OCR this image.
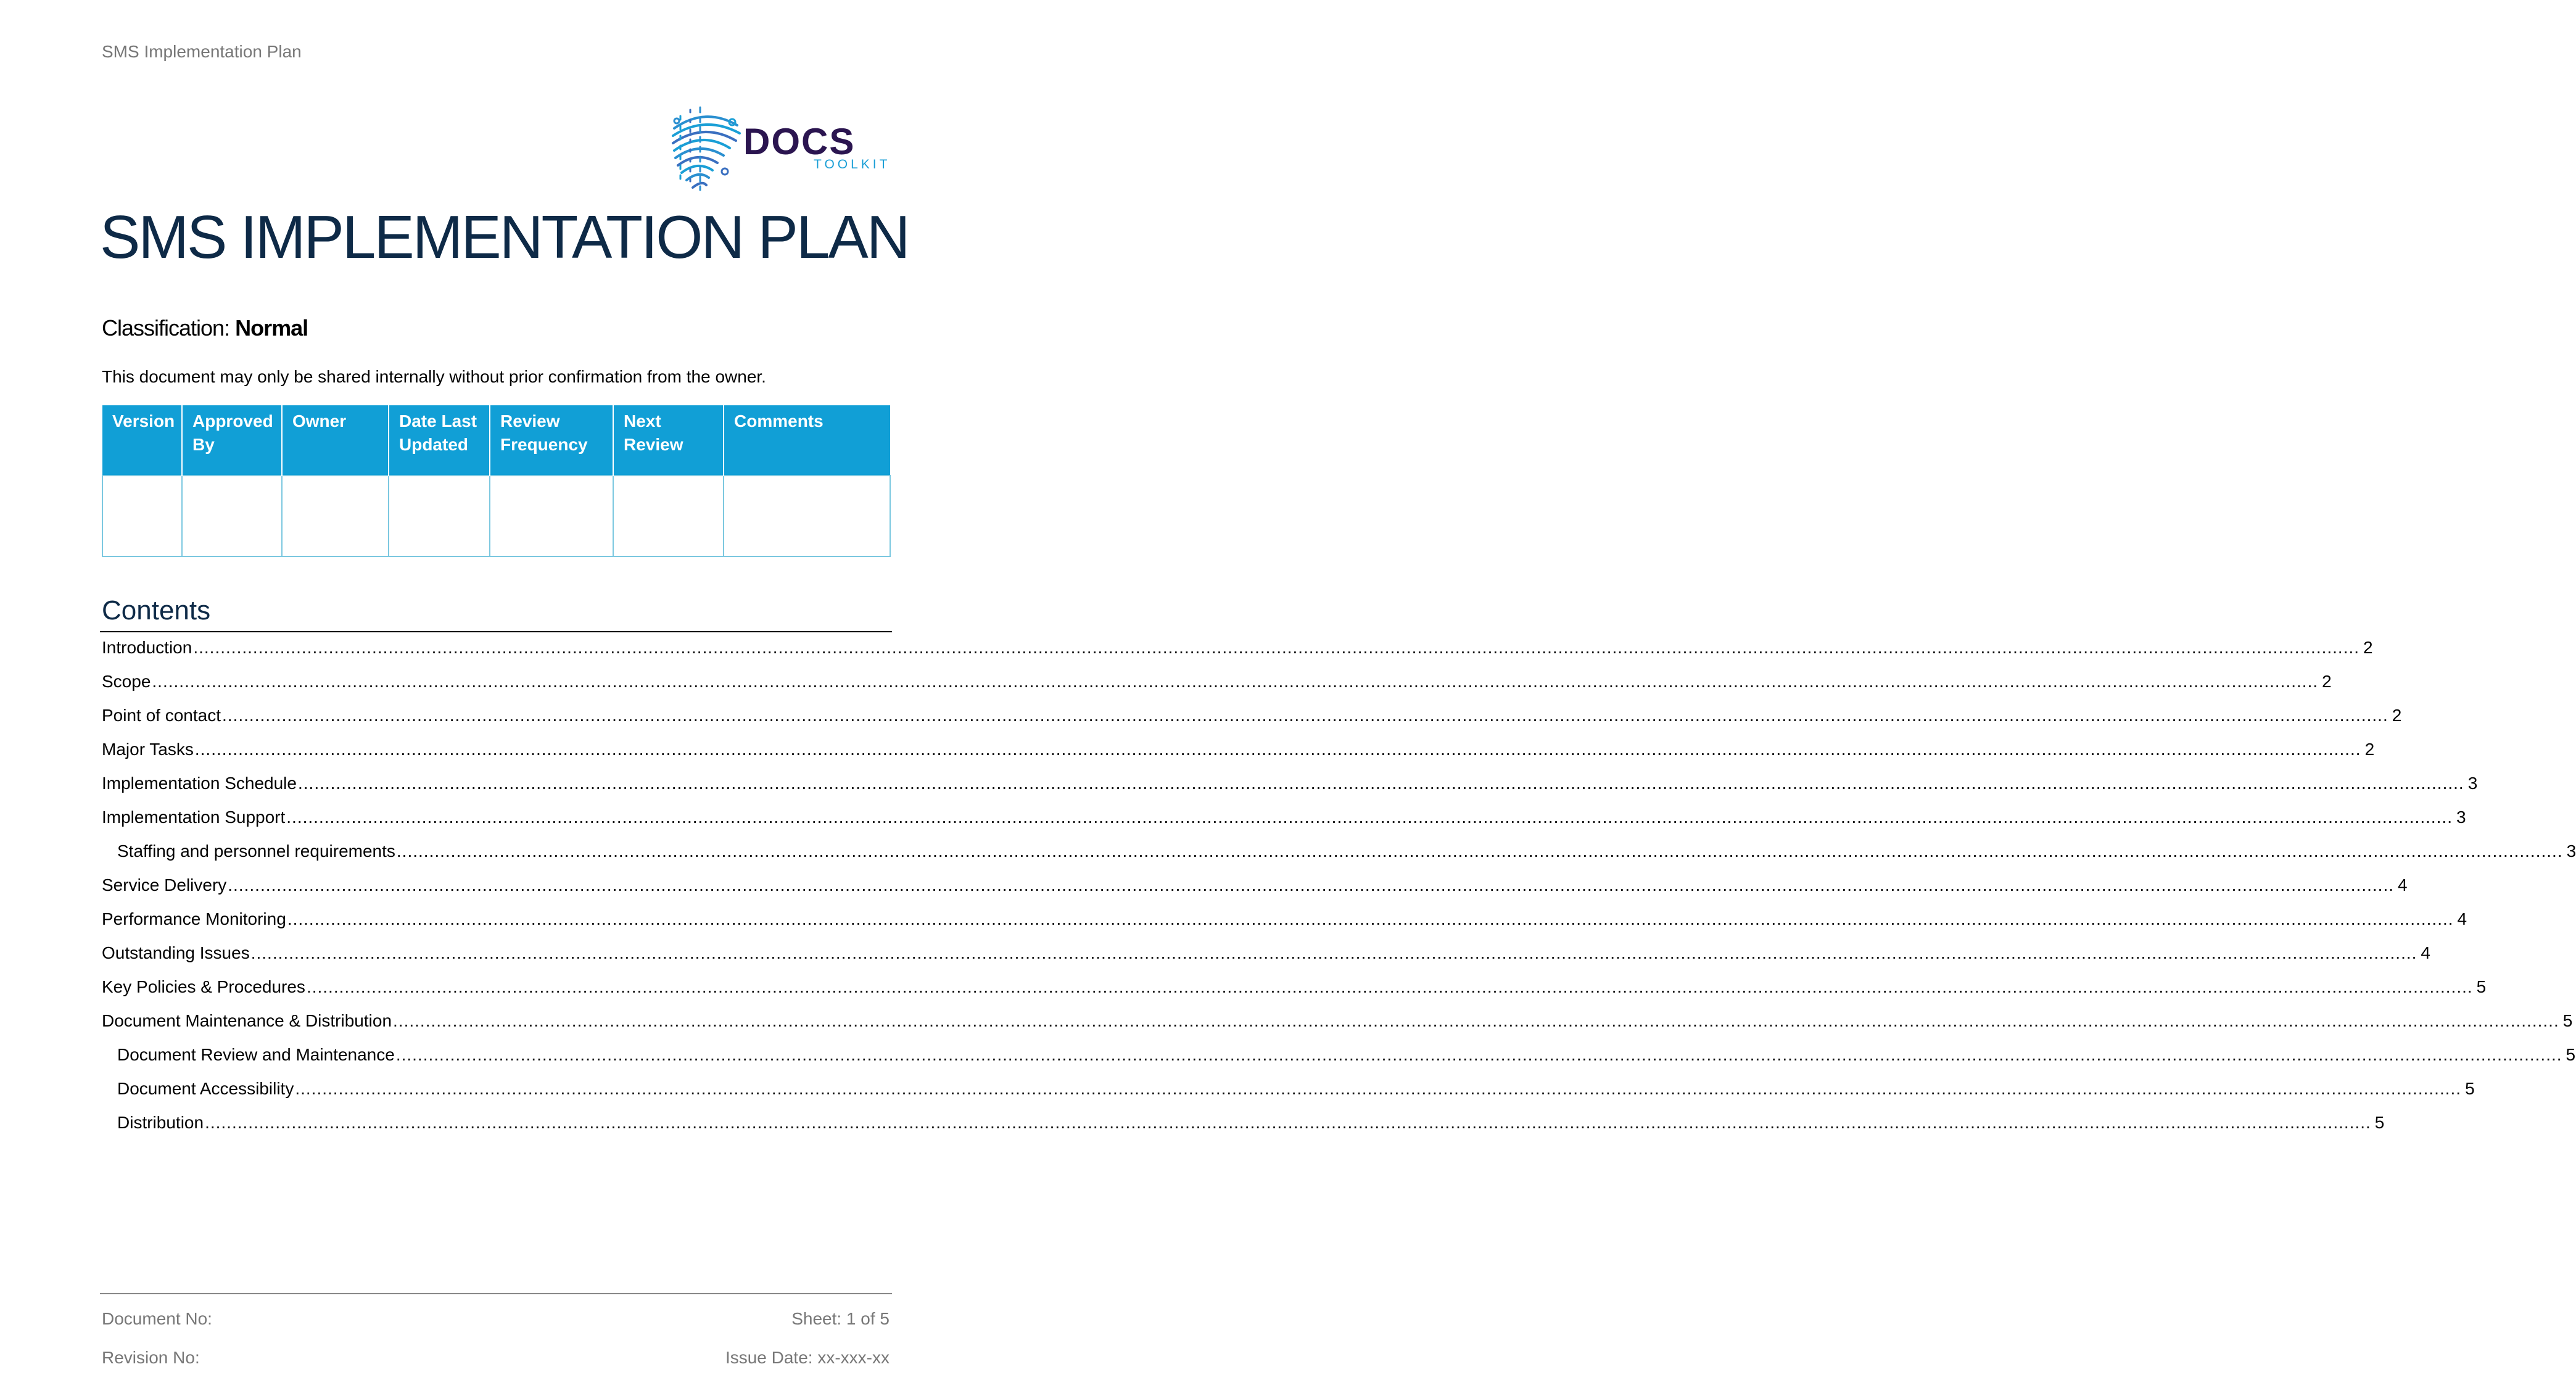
SMS Implementation Plan
DOCS
TOOLKIT
SMS IMPLEMENTATION PLAN
Classification: Normal
This document may only be shared internally without prior confirmation from the owner.
Version	Approved By	Owner	Date Last Updated	Review Frequency	Next Review	Comments

Contents
Introduction ................................................................................................................................................................................................................................................................................................................................................................................................................ 2
Scope ................................................................................................................................................................................................................................................................................................................................................................................................................ 2
Point of contact ................................................................................................................................................................................................................................................................................................................................................................................................................ 2
Major Tasks ................................................................................................................................................................................................................................................................................................................................................................................................................ 2
Implementation Schedule ................................................................................................................................................................................................................................................................................................................................................................................................................ 3
Implementation Support ................................................................................................................................................................................................................................................................................................................................................................................................................ 3
Staffing and personnel requirements ................................................................................................................................................................................................................................................................................................................................................................................................................ 3
Service Delivery ................................................................................................................................................................................................................................................................................................................................................................................................................ 4
Performance Monitoring ................................................................................................................................................................................................................................................................................................................................................................................................................ 4
Outstanding Issues ................................................................................................................................................................................................................................................................................................................................................................................................................ 4
Key Policies & Procedures ................................................................................................................................................................................................................................................................................................................................................................................................................ 5
Document Maintenance & Distribution ................................................................................................................................................................................................................................................................................................................................................................................................................ 5
Document Review and Maintenance ................................................................................................................................................................................................................................................................................................................................................................................................................ 5
Document Accessibility ................................................................................................................................................................................................................................................................................................................................................................................................................ 5
Distribution ................................................................................................................................................................................................................................................................................................................................................................................................................ 5
Document No:	Sheet: 1 of 5
Revision No:	Issue Date: xx-xxx-xx
